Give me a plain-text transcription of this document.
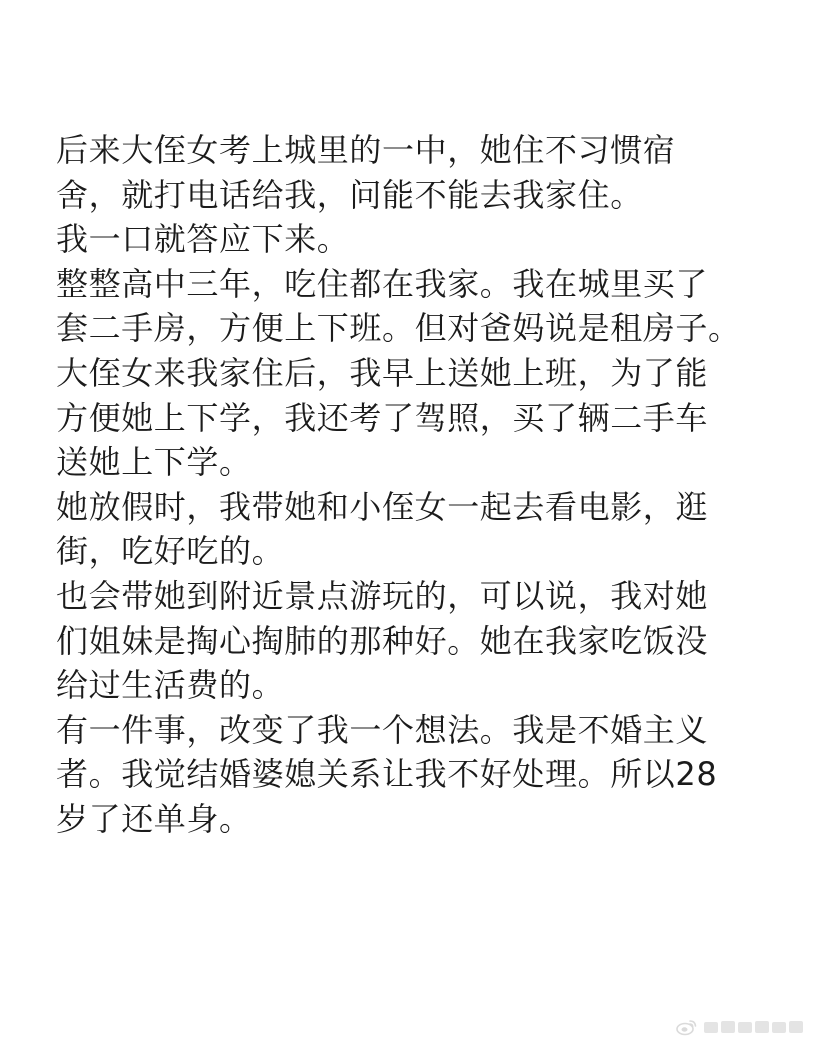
后来大侄女考上城里的一中，她住不习惯宿
舍，就打电话给我，问能不能去我家住。
我一口就答应下来。
整整高中三年，吃住都在我家。我在城里买了
套二手房，方便上下班。但对爸妈说是租房子。
大侄女来我家住后，我早上送她上班，为了能
方便她上下学，我还考了驾照，买了辆二手车
送她上下学。
她放假时，我带她和小侄女一起去看电影，逛
街，吃好吃的。
也会带她到附近景点游玩的，可以说，我对她
们姐妹是掏心掏肺的那种好。她在我家吃饭没
给过生活费的。
有一件事，改变了我一个想法。我是不婚主义
者。我觉结婚婆媳关系让我不好处理。所以28
岁了还单身。
